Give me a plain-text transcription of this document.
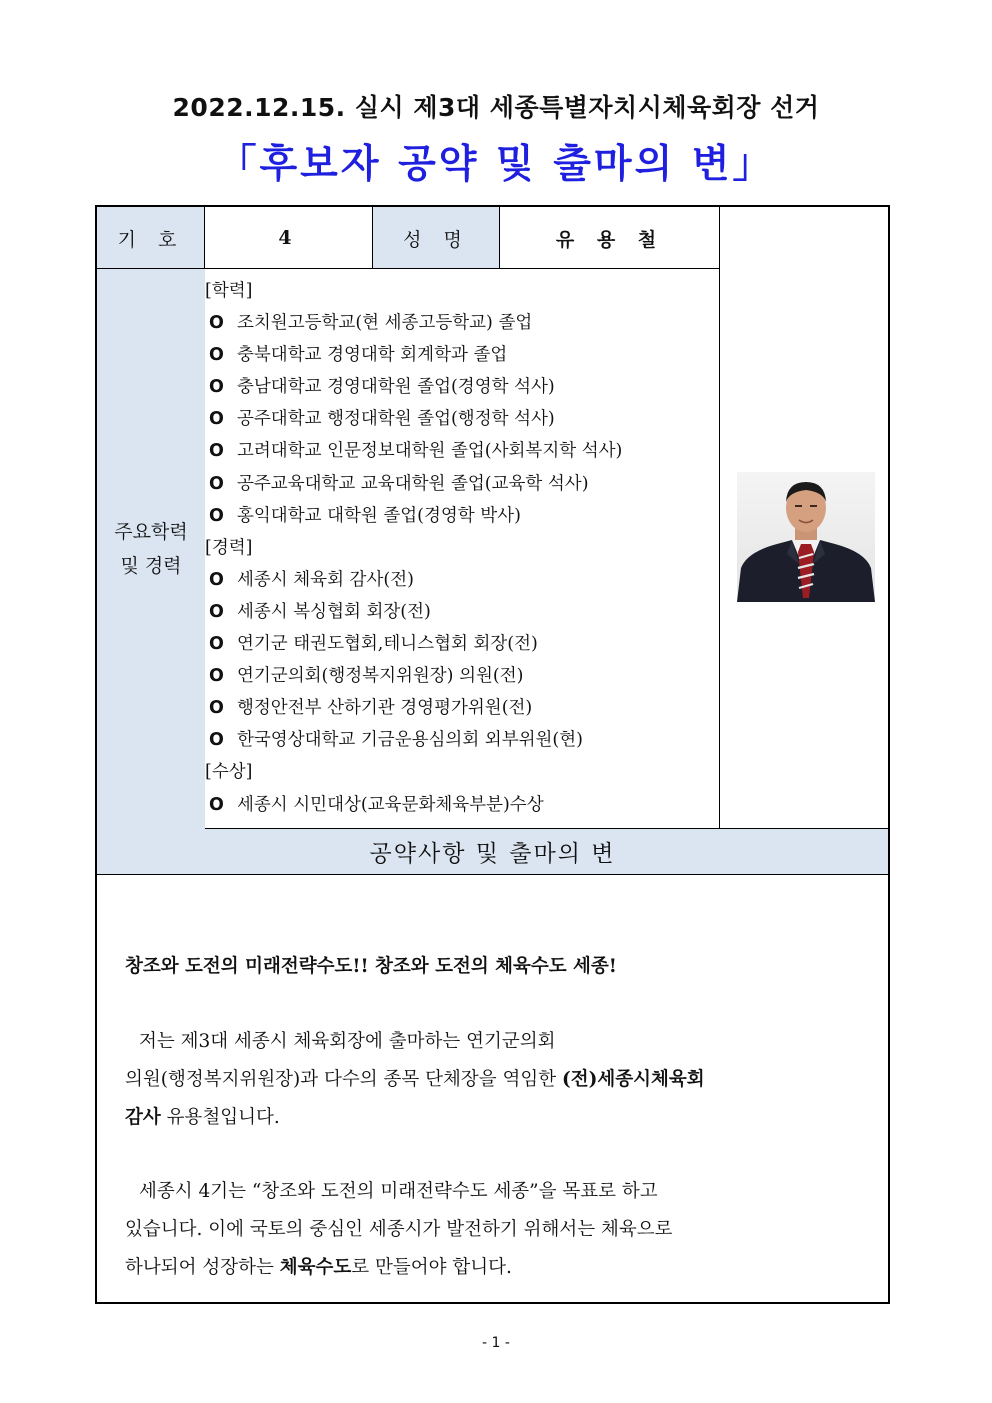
2022.12.15. 실시 제3대 세종특별자치시체육회장 선거
「후보자 공약 및 출마의 변」
기 호	4	성 명	유 용 철
주요학력
및 경력
[학력]
O 조치원고등학교(현 세종고등학교) 졸업
O 충북대학교 경영대학 회계학과 졸업
O 충남대학교 경영대학원 졸업(경영학 석사)
O 공주대학교 행정대학원 졸업(행정학 석사)
O 고려대학교 인문정보대학원 졸업(사회복지학 석사)
O 공주교육대학교 교육대학원 졸업(교육학 석사)
O 홍익대학교 대학원 졸업(경영학 박사)
[경력]
O 세종시 체육회 감사(전)
O 세종시 복싱협회 회장(전)
O 연기군 태권도협회,테니스협회 회장(전)
O 연기군의회(행정복지위원장) 의원(전)
O 행정안전부 산하기관 경영평가위원(전)
O 한국영상대학교 기금운용심의회 외부위원(현)
[수상]
O 세종시 시민대상(교육문화체육부분)수상
공약사항 및 출마의 변

창조와 도전의 미래전략수도!! 창조와 도전의 체육수도 세종!

저는 제3대 세종시 체육회장에 출마하는 연기군의회
의원(행정복지위원장)과 다수의 종목 단체장을 역임한 (전)세종시체육회
감사 유용철입니다.

세종시 4기는 “창조와 도전의 미래전략수도 세종”을 목표로 하고
있습니다. 이에 국토의 중심인 세종시가 발전하기 위해서는 체육으로
하나되어 성장하는 체육수도로 만들어야 합니다.

- 1 -
